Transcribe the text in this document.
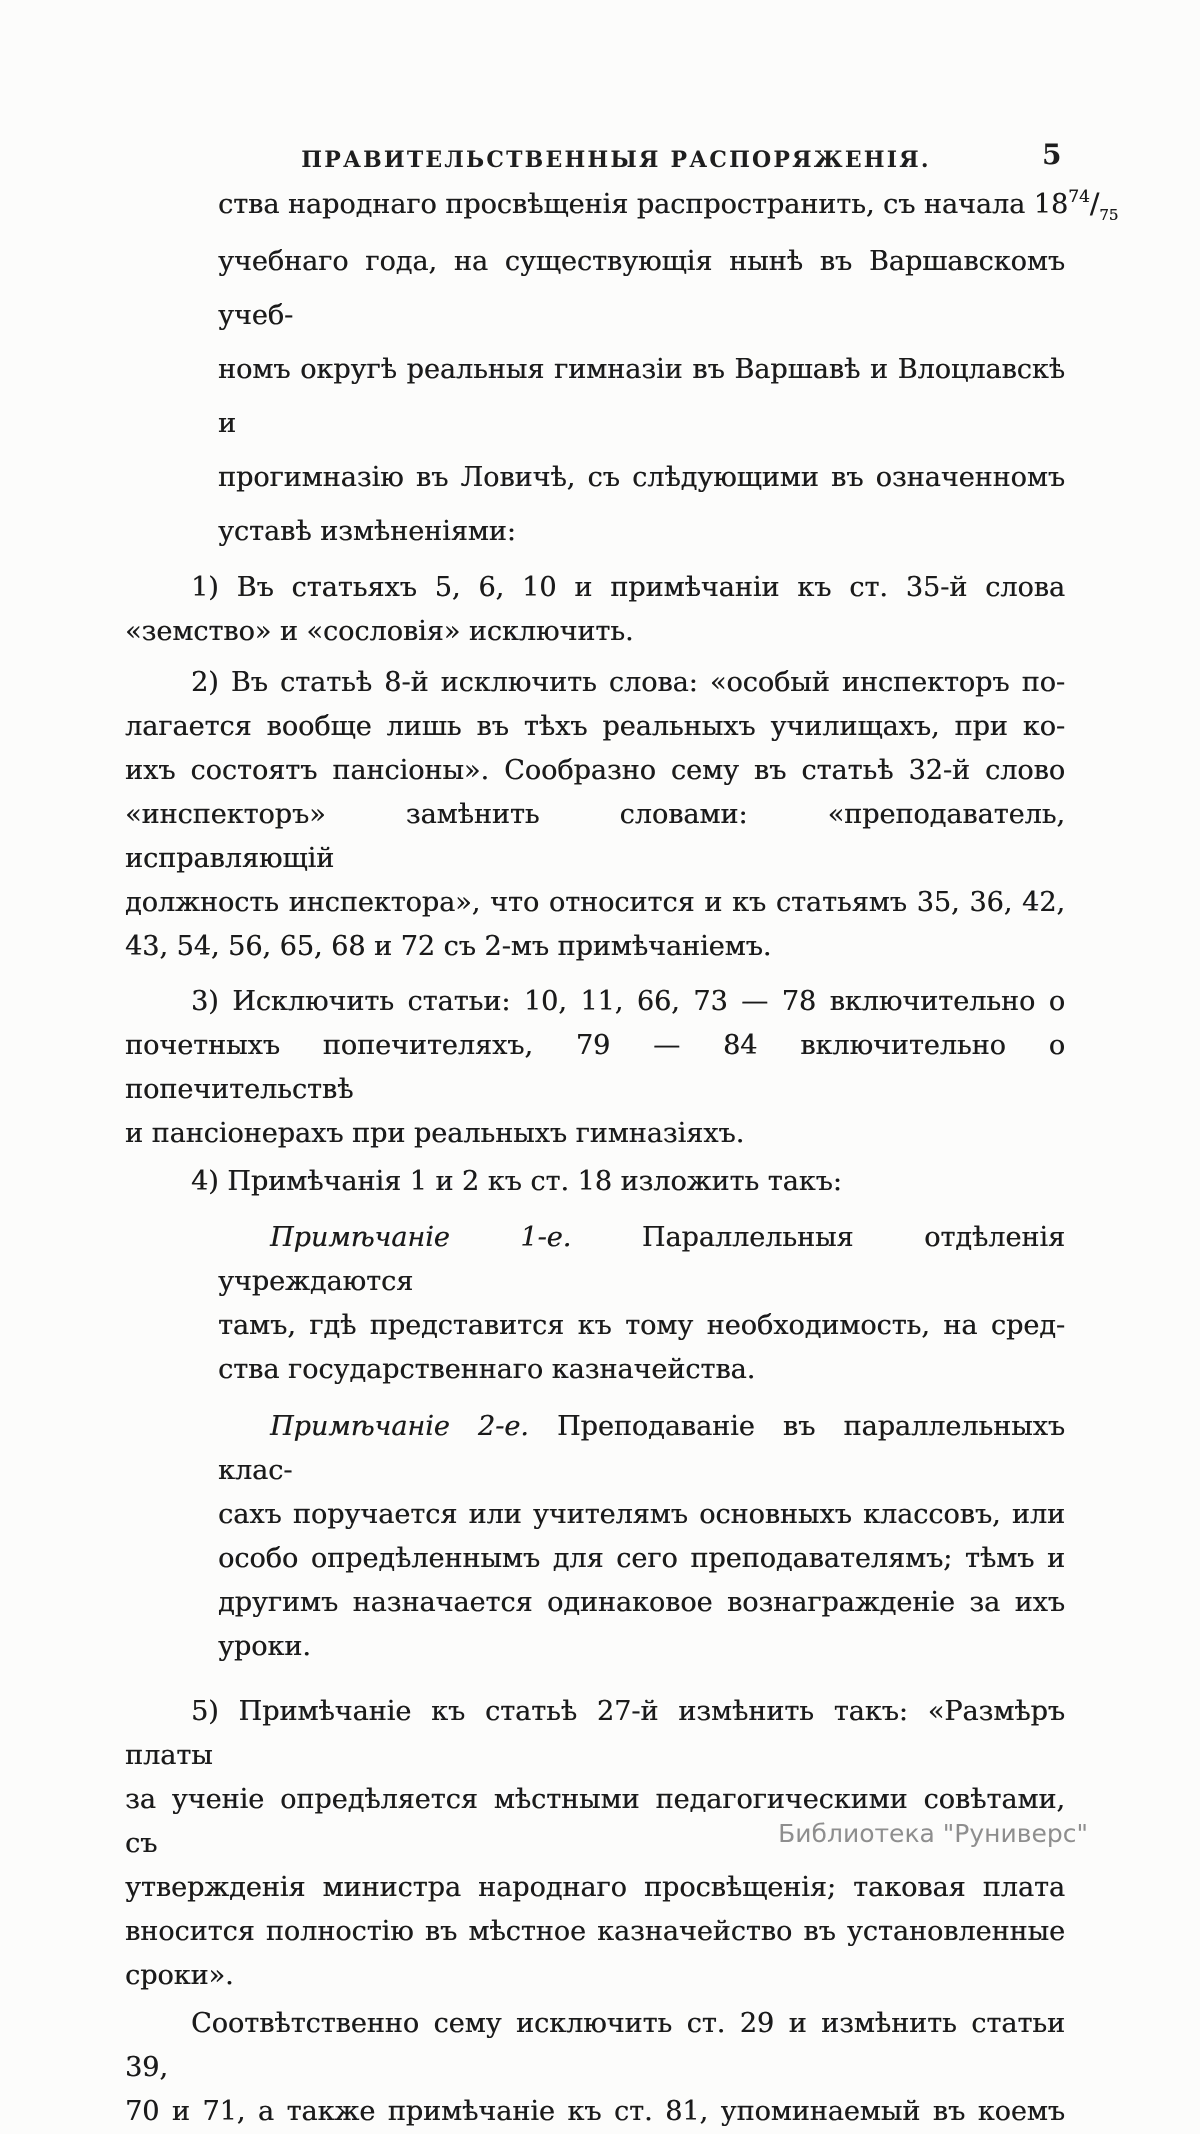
ПРАВИТЕЛЬСТВЕННЫЯ РАСПОРЯЖЕНІЯ.	5
ства народнаго просвѣщенія распространить, съ начала $18^{74}/_{75}$
учебнаго года, на существующія нынѣ въ Варшавскомъ учеб-
номъ округѣ реальныя гимназіи въ Варшавѣ и Влоцлавскѣ и
прогимназію въ Ловичѣ, съ слѣдующими въ означенномъ
уставѣ измѣненіями:
1) Въ статьяхъ 5, 6, 10 и примѣчаніи къ ст. 35-й слова
«земство» и «сословія» исключить.
2) Въ статьѣ 8-й исключить слова: «особый инспекторъ по-
лагается вообще лишь въ тѣхъ реальныхъ училищахъ, при ко-
ихъ состоятъ пансіоны». Сообразно сему въ статьѣ 32-й слово
«инспекторъ» замѣнить словами: «преподаватель, исправляющій
должность инспектора», что относится и къ статьямъ 35, 36, 42,
43, 54, 56, 65, 68 и 72 съ 2-мъ примѣчаніемъ.
3) Исключить статьи: 10, 11, 66, 73 — 78 включительно о
почетныхъ попечителяхъ, 79 — 84 включительно о попечительствѣ
и пансіонерахъ при реальныхъ гимназіяхъ.
4) Примѣчанія 1 и 2 къ ст. 18 изложить такъ:
Примѣчаніе 1-е. Параллельныя отдѣленія учреждаются
тамъ, гдѣ представится къ тому необходимость, на сред-
ства государственнаго казначейства.
Примѣчаніе 2-е. Преподаваніе въ параллельныхъ клас-
сахъ поручается или учителямъ основныхъ классовъ, или
особо опредѣленнымъ для сего преподавателямъ; тѣмъ и
другимъ назначается одинаковое вознагражденіе за ихъ
уроки.
5) Примѣчаніе къ статьѣ 27-й измѣнить такъ: «Размѣръ платы
за ученіе опредѣляется мѣстными педагогическими совѣтами, съ
утвержденія министра народнаго просвѣщенія; таковая плата
вносится полностію въ мѣстное казначейство въ установленные
сроки».
Соотвѣтственно сему исключить ст. 29 и измѣнить статьи 39,
70 и 71, а также примѣчаніе къ ст. 81, упоминаемый въ коемъ
Библиотека "Руниверс"
